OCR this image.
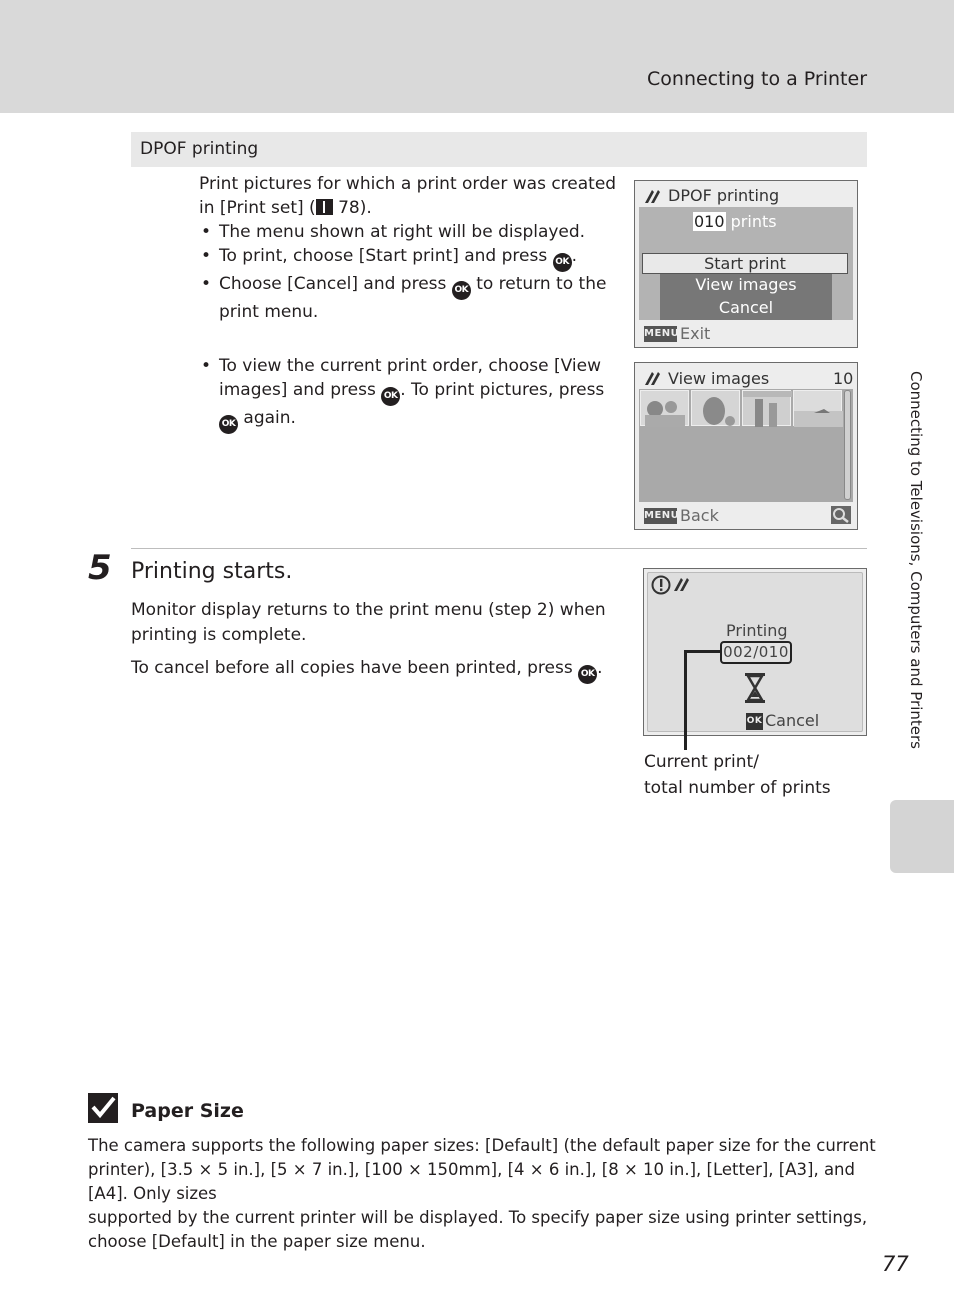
Connecting to a Printer
Connecting to Televisions, Computers and Printers
DPOF printing
Print pictures for which a print order was created
in [Print set] ( 78).
• The menu shown at right will be displayed.
• To print, choose [Start print] and press OK .
• Choose [Cancel] and press OK to return to the
print menu.
• To view the current print order, choose [View
images] and press OK . To print pictures, press
OK again.
DPOF printing
010 prints
Start print
View images
Cancel
MENU Exit
View images	10
MENU Back
5 Printing starts.
Monitor display returns to the print menu (step 2) when
printing is complete.
To cancel before all copies have been printed, press OK .
Printing
002/010
OK Cancel
Current print/
total number of prints
Paper Size
The camera supports the following paper sizes: [Default] (the default paper size for the current
printer), [3.5 × 5 in.], [5 × 7 in.], [100 × 150mm], [4 × 6 in.], [8 × 10 in.], [Letter], [A3], and [A4]. Only sizes
supported by the current printer will be displayed. To specify paper size using printer settings,
choose [Default] in the paper size menu.
77
